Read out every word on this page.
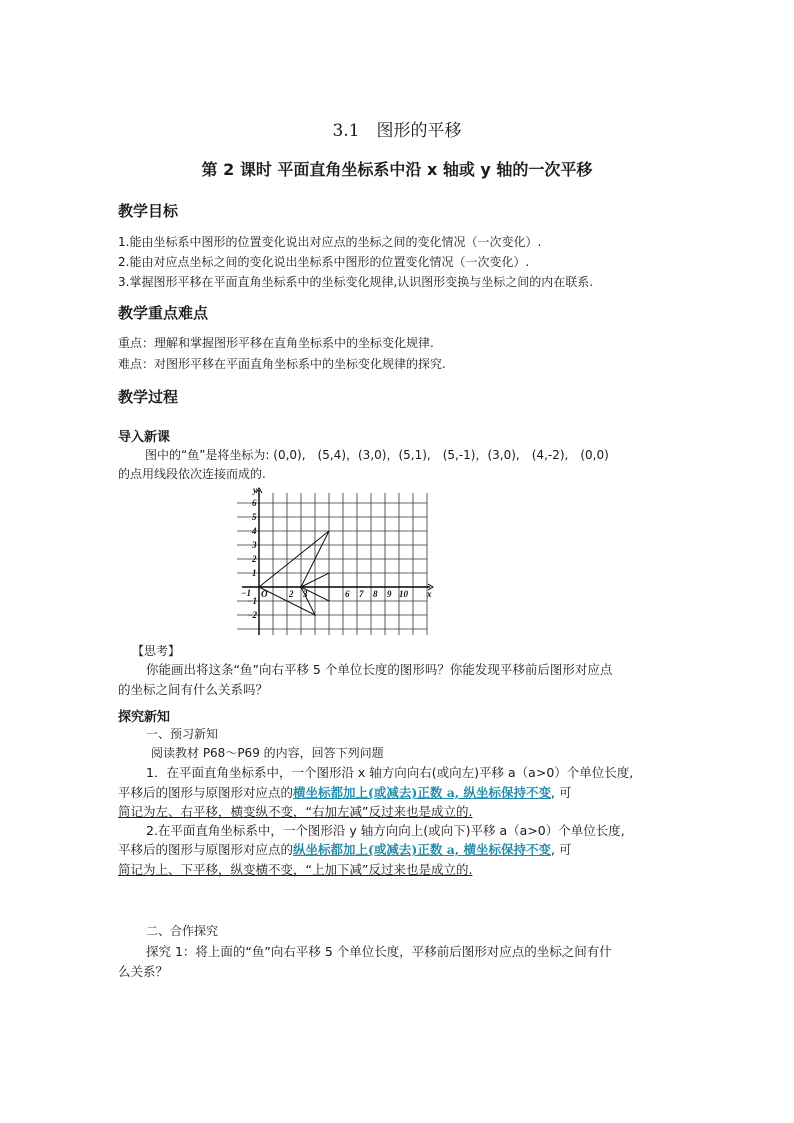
3.1　图形的平移
第 2 课时 平面直角坐标系中沿 x 轴或 y 轴的一次平移
教学目标
1.能由坐标系中图形的位置变化说出对应点的坐标之间的变化情况（一次变化）.
2.能由对应点坐标之间的变化说出坐标系中图形的位置变化情况（一次变化）.
3.掌握图形平移在平面直角坐标系中的坐标变化规律,认识图形变换与坐标之间的内在联系.
教学重点难点
重点：理解和掌握图形平移在直角坐标系中的坐标变化规律.
难点：对图形平移在平面直角坐标系中的坐标变化规律的探究.
教学过程
导入新课
图中的“鱼”是将坐标为: (0,0),　(5,4)，(3,0)，(5,1),　(5,-1)，(3,0),　(4,-2),　(0,0)
的点用线段依次连接而成的.
x
y
O
−1	2 3	6 7 8 9 10
6
5
4
3
2
1
−1
−2
【思考】
你能画出将这条“鱼”向右平移 5 个单位长度的图形吗？你能发现平移前后图形对应点
的坐标之间有什么关系吗？
探究新知
一、预习新知
阅读教材 P68～P69 的内容，回答下列问题
1．在平面直角坐标系中，一个图形沿 x 轴方向向右(或向左)平移 a（a>0）个单位长度,
平移后的图形与原图形对应点的横坐标都加上(或减去)正数 a, 纵坐标保持不变, 可
简记为左、右平移，横变纵不变，“右加左减”反过来也是成立的.
2.在平面直角坐标系中，一个图形沿 y 轴方向向上(或向下)平移 a（a>0）个单位长度,
平移后的图形与原图形对应点的纵坐标都加上(或减去)正数 a, 横坐标保持不变, 可
简记为上、下平移，纵变横不变，“上加下减”反过来也是成立的.
二、合作探究
探究 1：将上面的“鱼”向右平移 5 个单位长度，平移前后图形对应点的坐标之间有什
么关系？
